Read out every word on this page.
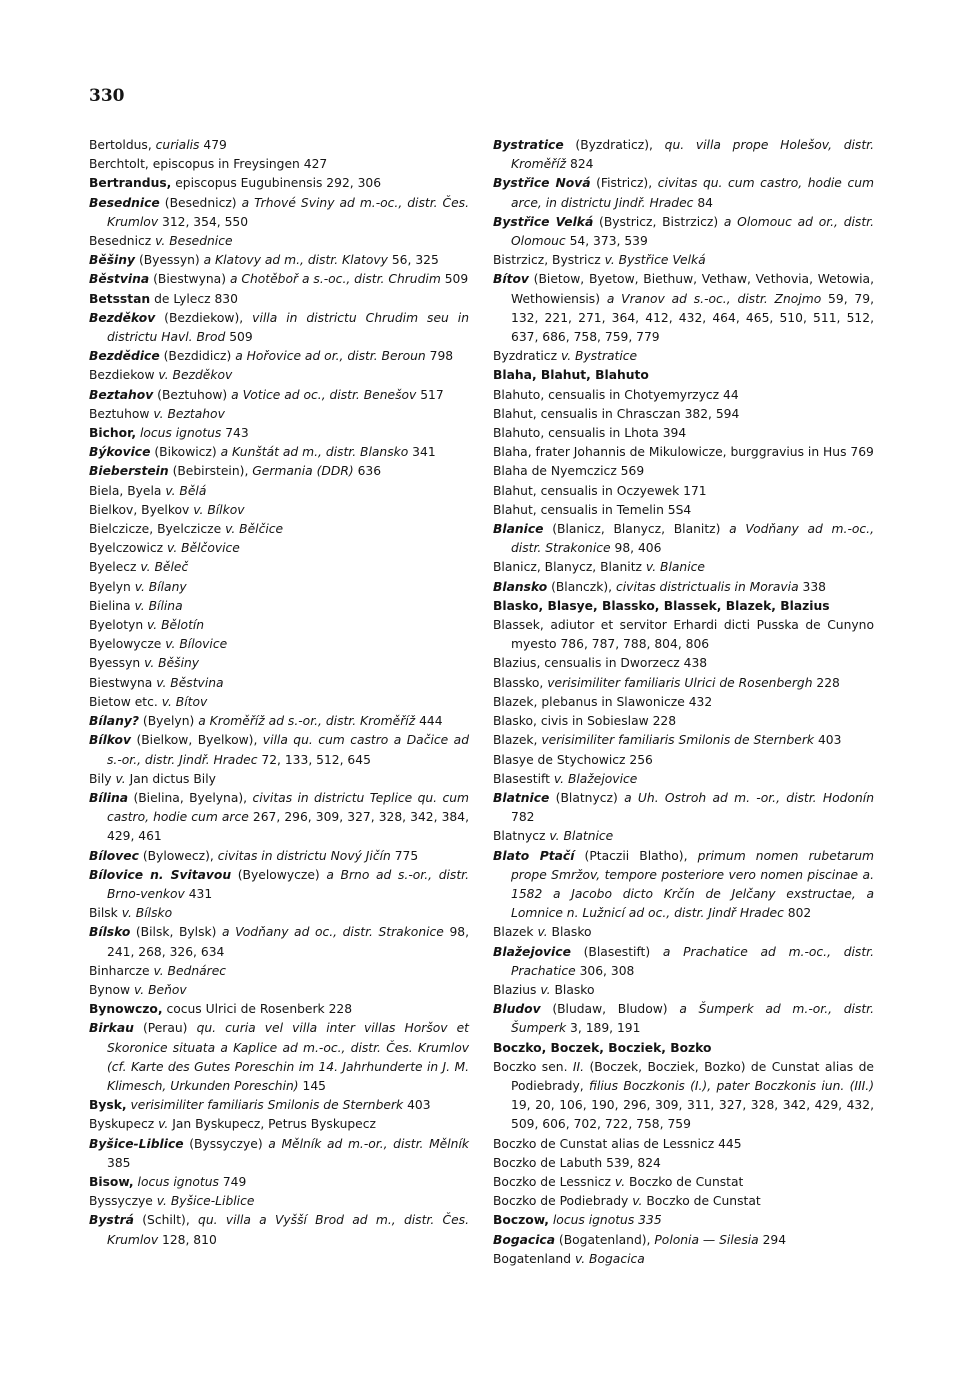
330

Bertoldus, curialis 479

Berchtolt, episcopus in Freysingen 427

Bertrandus, episcopus Eugubinensis 292, 306

Besednice (Besednicz) a Trhové Sviny ad m.-oc., distr. Čes. Krumlov 312, 354, 550

Besednicz v. Besednice

Běšiny (Byessyn) a Klatovy ad m., distr. Klatovy 56, 325

Běstvina (Biestwyna) a Chotěboř a s.-oc., distr. Chrudim 509

Betsstan de Lylecz 830

Bezděkov (Bezdiekow), villa in districtu Chrudim seu in districtu Havl. Brod 509

Bezdědice (Bezdidicz) a Hořovice ad or., distr. Beroun 798

Bezdiekow v. Bezděkov

Beztahov (Beztuhow) a Votice ad oc., distr. Benešov 517

Beztuhow v. Beztahov

Bichor, locus ignotus 743

Býkovice (Bikowicz) a Kunštát ad m., distr. Blansko 341

Bieberstein (Bebirstein), Germania (DDR) 636

Biela, Byela v. Bělá

Bielkov, Byelkov v. Bílkov

Bielczicze, Byelczicze v. Bělčice

Byelczowicz v. Bělčovice

Byelecz v. Běleč

Byelyn v. Bílany

Bielina v. Bílina

Byelotyn v. Bělotín

Byelowycze v. Bílovice

Byessyn v. Běšiny

Biestwyna v. Běstvina

Bietow etc. v. Bítov

Bílany? (Byelyn) a Kroměříž ad s.-or., distr. Kroměříž 444

Bílkov (Bielkow, Byelkow), villa qu. cum castro a Dačice ad s.-or., distr. Jindř. Hradec 72, 133, 512, 645

Bily v. Jan dictus Bily

Bílina (Bielina, Byelyna), civitas in districtu Teplice qu. cum castro, hodie cum arce 267, 296, 309, 327, 328, 342, 384, 429, 461

Bílovec (Bylowecz), civitas in districtu Nový Jičín 775

Bílovice n. Svitavou (Byelowycze) a Brno ad s.-or., distr. Brno-venkov 431

Bilsk v. Bílsko

Bílsko (Bilsk, Bylsk) a Vodňany ad oc., distr. Strakonice 98, 241, 268, 326, 634

Binharcze v. Bednárec

Bynow v. Beňov

Bynowczo, cocus Ulrici de Rosenberk 228

Birkau (Perau) qu. curia vel villa inter villas Horšov et Skoronice situata a Kaplice ad m.-oc., distr. Čes. Krumlov (cf. Karte des Gutes Poreschin im 14. Jahrhunderte in J. M. Klimesch, Urkunden Poreschin) 145

Bysk, verisimiliter familiaris Smilonis de Sternberk 403

Byskupecz v. Jan Byskupecz, Petrus Byskupecz

Byšice-Liblice (Byssyczye) a Mělník ad m.-or., distr. Mělník 385

Bisow, locus ignotus 749

Byssyczye v. Byšice-Liblice

Bystrá (Schilt), qu. villa a Vyšší Brod ad m., distr. Čes. Krumlov 128, 810

Bystratice (Byzdraticz), qu. villa prope Holešov, distr. Kroměříž 824

Bystřice Nová (Fistricz), civitas qu. cum castro, hodie cum arce, in districtu Jindř. Hradec 84

Bystřice Velká (Bystricz, Bistrzicz) a Olomouc ad or., distr. Olomouc 54, 373, 539

Bistrzicz, Bystricz v. Bystřice Velká

Bítov (Bietow, Byetow, Biethuw, Vethaw, Vethovia, Wetowia, Wethowiensis) a Vranov ad s.-oc., distr. Znojmo 59, 79, 132, 221, 271, 364, 412, 432, 464, 465, 510, 511, 512, 637, 686, 758, 759, 779

Byzdraticz v. Bystratice

Blaha, Blahut, Blahuto

Blahuto, censualis in Chotyemyrzycz 44

Blahut, censualis in Chrasczan 382, 594

Blahuto, censualis in Lhota 394

Blaha, frater Johannis de Mikulowicze, burggravius in Hus 769

Blaha de Nyemczicz 569

Blahut, censualis in Oczyewek 171

Blahut, censualis in Temelin 5S4

Blanice (Blanicz, Blanycz, Blanitz) a Vodňany ad m.-oc., distr. Strakonice 98, 406

Blanicz, Blanycz, Blanitz v. Blanice

Blansko (Blanczk), civitas districtualis in Moravia 338

Blasko, Blasye, Blassko, Blassek, Blazek, Blazius

Blassek, adiutor et servitor Erhardi dicti Pusska de Cunyno myesto 786, 787, 788, 804, 806

Blazius, censualis in Dworzecz 438

Blassko, verisimiliter familiaris Ulrici de Rosenbergh 228

Blazek, plebanus in Slawonicze 432

Blasko, civis in Sobieslaw 228

Blazek, verisimiliter familiaris Smilonis de Sternberk 403

Blasye de Stychowicz 256

Blasestift v. Blažejovice

Blatnice (Blatnycz) a Uh. Ostroh ad m. -or., distr. Hodonín 782

Blatnycz v. Blatnice

Blato Ptačí (Ptaczii Blatho), primum nomen rubetarum prope Smržov, tempore posteriore vero nomen piscinae a. 1582 a Jacobo dicto Krčín de Jelčany exstructae, a Lomnice n. Lužnicí ad oc., distr. Jindř Hradec 802

Blazek v. Blasko

Blažejovice (Blasestift) a Prachatice ad m.-oc., distr. Prachatice 306, 308

Blazius v. Blasko

Bludov (Bludaw, Bludow) a Šumperk ad m.-or., distr. Šumperk 3, 189, 191

Boczko, Boczek, Bocziek, Bozko

Boczko sen. II. (Boczek, Bocziek, Bozko) de Cunstat alias de Podiebrady, filius Boczkonis (I.), pater Boczkonis iun. (III.) 19, 20, 106, 190, 296, 309, 311, 327, 328, 342, 429, 432, 509, 606, 702, 722, 758, 759

Boczko de Cunstat alias de Lessnicz 445

Boczko de Labuth 539, 824

Boczko de Lessnicz v. Boczko de Cunstat

Boczko de Podiebrady v. Boczko de Cunstat

Boczow, locus ignotus 335

Bogacica (Bogatenland), Polonia — Silesia 294

Bogatenland v. Bogacica
